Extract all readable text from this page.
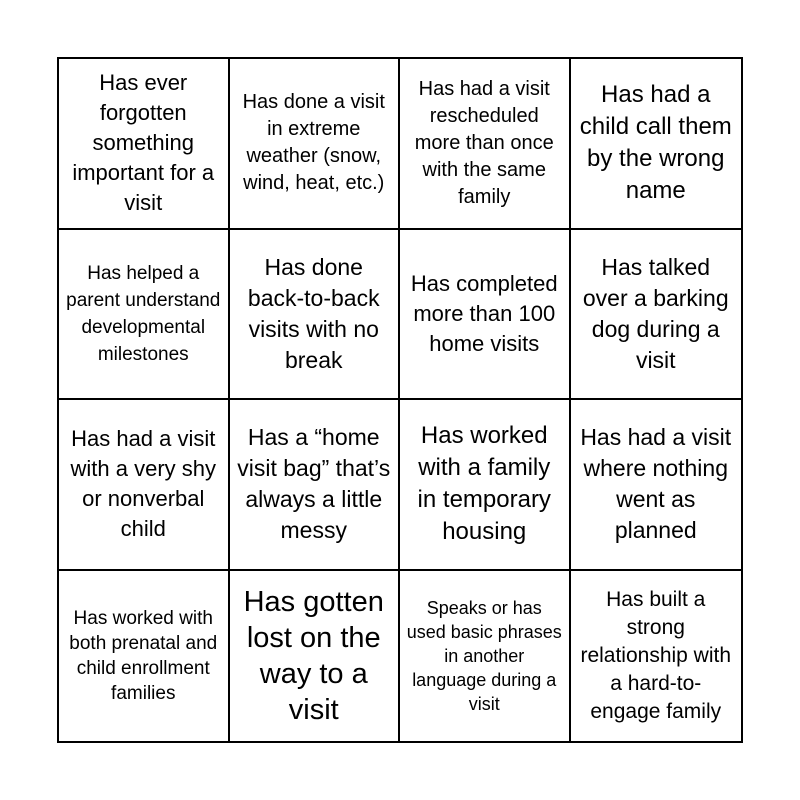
Has ever forgotten something important for a visit
Has done a visit in extreme weather (snow, wind, heat, etc.)
Has had a visit rescheduled more than once with the same family
Has had a child call them by the wrong name
Has helped a parent understand developmental milestones
Has done back-to-back visits with no break
Has completed more than 100 home visits
Has talked over a barking dog during a visit
Has had a visit with a very shy or nonverbal child
Has a “home visit bag” that’s always a little messy
Has worked with a family in temporary housing
Has had a visit where nothing went as planned
Has worked with both prenatal and child enrollment families
Has gotten lost on the way to a visit
Speaks or has used basic phrases in another language during a visit
Has built a strong relationship with a hard-to-engage family
